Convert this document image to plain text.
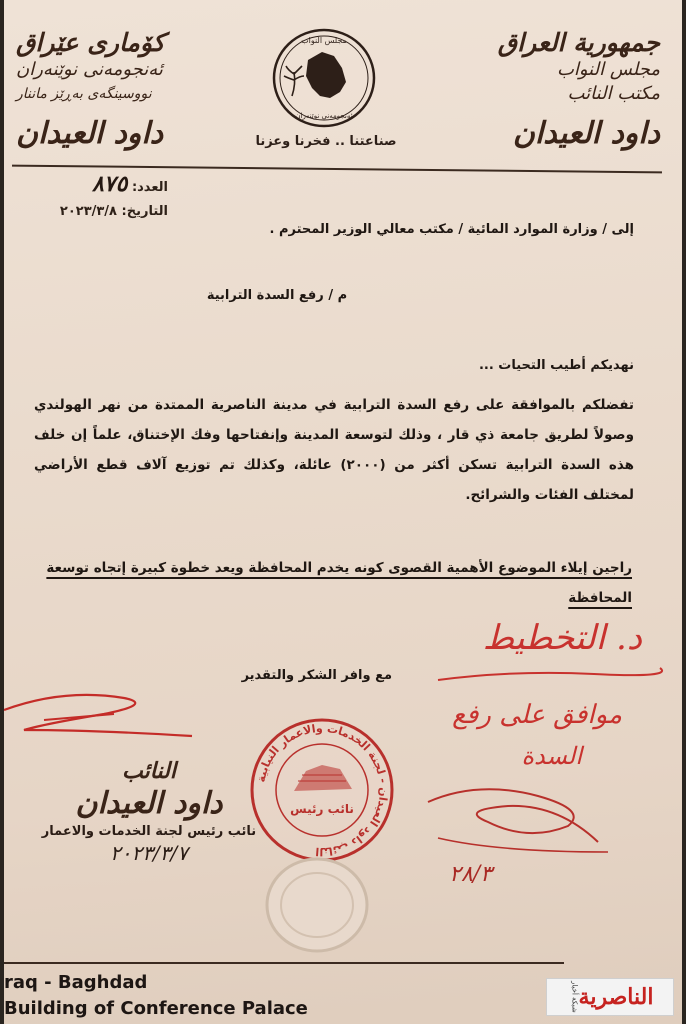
جمهورية العراق
مجلس النواب
مكتب النائب
داود العيدان
كۆماری عێراق
ئەنجومەنی نوێنەران
نووسینگەی بەڕێز ماننار
داود العيدان
مجلس النواب
ئەنجومەنی نوێنەران
صناعتنا .. فخرنا وعزنا
العدد: ٨٧٥
التاريخ: ٢٠٢٣/٣/٨
إلى / وزارة الموارد المائية / مكتب معالي الوزير المحترم .
م / رفع السدة الترابية
نهديكم أطيب التحيات ...
تفضلكم بالموافقة على رفع السدة الترابية في مدينة الناصرية الممتدة من نهر الهولندي وصولاً لطريق جامعة ذي قار ، وذلك لتوسعة المدينة وإنفتاحها وفك الإختناق، علماً إن خلف هذه السدة الترابية تسكن أكثر من (٢٠٠٠) عائلة، وكذلك تم توزيع آلاف قطع الأراضي لمختلف الفئات والشرائح.
راجين إيلاء الموضوع الأهمية القصوى كونه يخدم المحافظة ويعد خطوة كبيرة إتجاه توسعة المحافظة
مع وافر الشكر والتقدير
د. التخطيط
موافق على رفع
السدة
٢٨/٣
النائب
داود العيدان
نائب رئيس لجنة الخدمات والاعمار
٢٠٢٣/٣/٧
النائب داود العيدان - لجنة الخدمات والاعمار النيابية
نائب رئيس
raq - Baghdad
Building of Conference Palace	الناصرية
شبكة أخبار
